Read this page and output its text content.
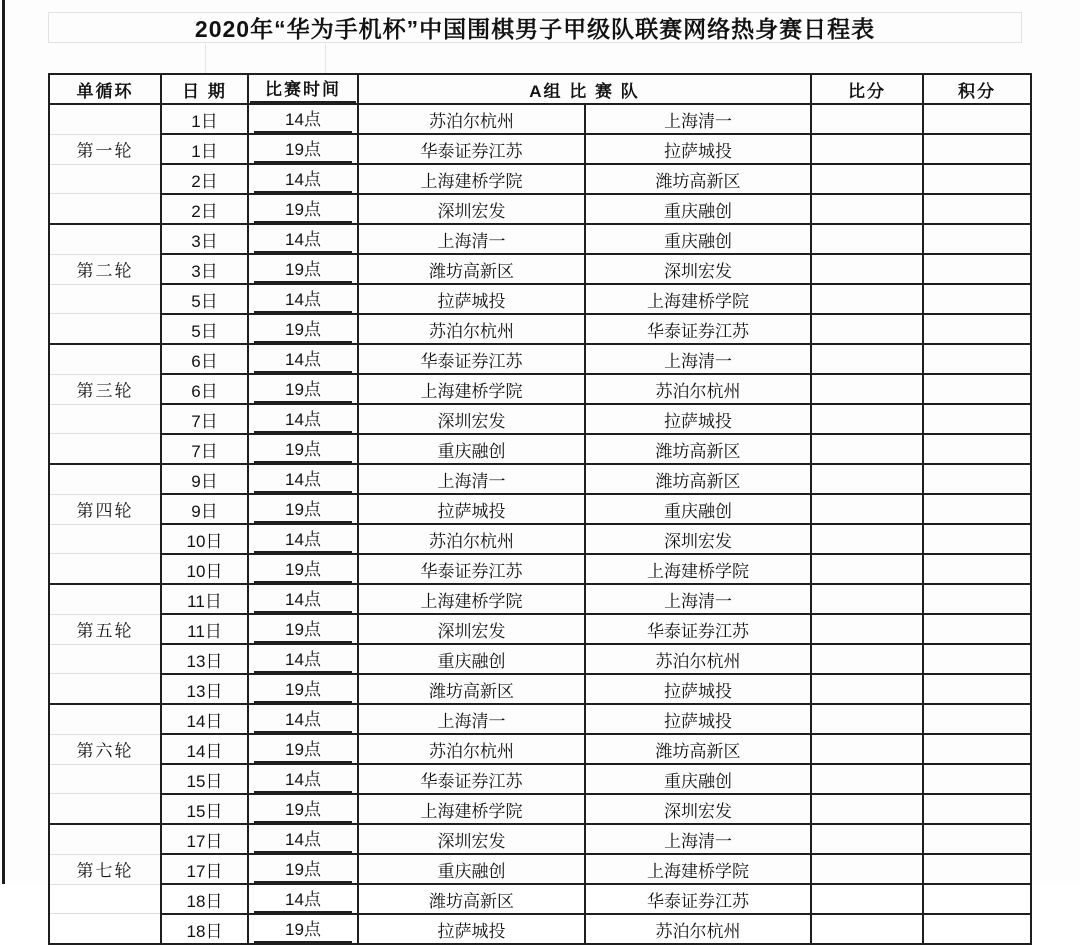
2020年“华为手机杯”中国围棋男子甲级队联赛网络热身赛日程表
单循环	日 期	比赛时间	A组 比 赛 队		比分	积分

第一轮	1日	14点	苏泊尔杭州	上海清一		
	1日	19点	华泰证券江苏	拉萨城投		
	2日	14点	上海建桥学院	潍坊高新区		
	2日	19点	深圳宏发	重庆融创		

第二轮	3日	14点	上海清一	重庆融创		
	3日	19点	潍坊高新区	深圳宏发		
	5日	14点	拉萨城投	上海建桥学院		
	5日	19点	苏泊尔杭州	华泰证券江苏		

第三轮	6日	14点	华泰证券江苏	上海清一		
	6日	19点	上海建桥学院	苏泊尔杭州		
	7日	14点	深圳宏发	拉萨城投		
	7日	19点	重庆融创	潍坊高新区		

第四轮	9日	14点	上海清一	潍坊高新区		
	9日	19点	拉萨城投	重庆融创		
	10日	14点	苏泊尔杭州	深圳宏发		
	10日	19点	华泰证券江苏	上海建桥学院		

第五轮	11日	14点	上海建桥学院	上海清一		
	11日	19点	深圳宏发	华泰证券江苏		
	13日	14点	重庆融创	苏泊尔杭州		
	13日	19点	潍坊高新区	拉萨城投		

第六轮	14日	14点	上海清一	拉萨城投		
	14日	19点	苏泊尔杭州	潍坊高新区		
	15日	14点	华泰证券江苏	重庆融创		
	15日	19点	上海建桥学院	深圳宏发		

第七轮	17日	14点	深圳宏发	上海清一		
	17日	19点	重庆融创	上海建桥学院		
	18日	14点	潍坊高新区	华泰证券江苏		
	18日	19点	拉萨城投	苏泊尔杭州		
